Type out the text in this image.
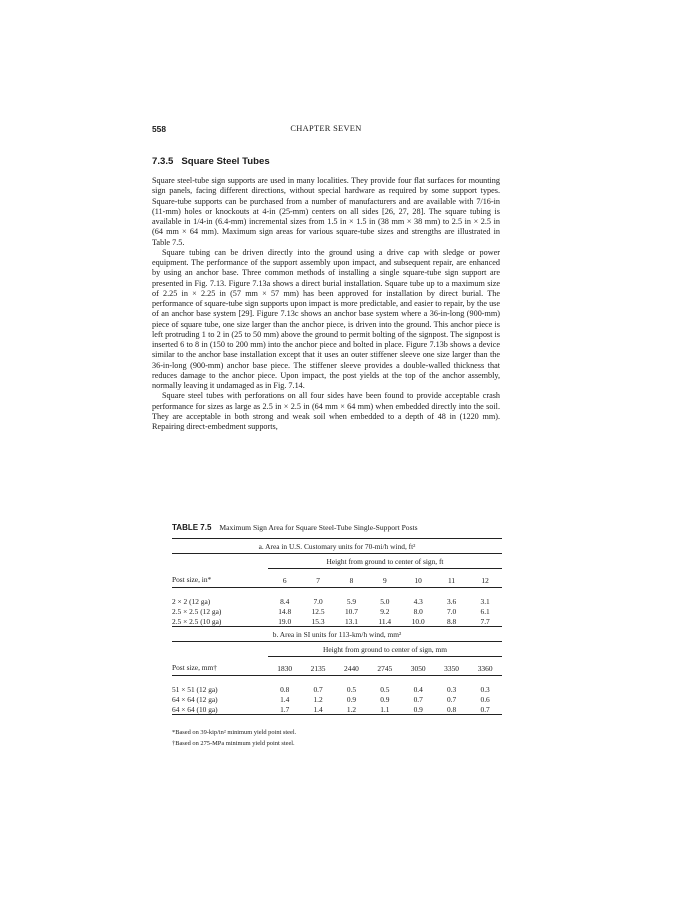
558	CHAPTER SEVEN
7.3.5 Square Steel Tubes

Square steel-tube sign supports are used in many localities. They provide four flat surfaces for mounting sign panels, facing different directions, without special hardware as required by some support types. Square-tube supports can be purchased from a number of manufacturers and are available with 7/16-in (11-mm) holes or knockouts at 4-in (25-mm) centers on all sides [26, 27, 28]. The square tubing is available in 1/4-in (6.4-mm) incremental sizes from 1.5 in × 1.5 in (38 mm × 38 mm) to 2.5 in × 2.5 in (64 mm × 64 mm). Maximum sign areas for various square-tube sizes and strengths are illustrated in Table 7.5.

Square tubing can be driven directly into the ground using a drive cap with sledge or power equipment. The performance of the support assembly upon impact, and subsequent repair, are enhanced by using an anchor base. Three common methods of installing a single square-tube sign support are presented in Fig. 7.13. Figure 7.13a shows a direct burial installation. Square tube up to a maximum size of 2.25 in × 2.25 in (57 mm × 57 mm) has been approved for installation by direct burial. The performance of square-tube sign supports upon impact is more predictable, and easier to repair, by the use of an anchor base system [29]. Figure 7.13c shows an anchor base system where a 36-in-long (900-mm) piece of square tube, one size larger than the anchor piece, is driven into the ground. This anchor piece is left protruding 1 to 2 in (25 to 50 mm) above the ground to permit bolting of the signpost. The signpost is inserted 6 to 8 in (150 to 200 mm) into the anchor piece and bolted in place. Figure 7.13b shows a device similar to the anchor base installation except that it uses an outer stiffener sleeve one size larger than the 36-in-long (900-mm) anchor base piece. The stiffener sleeve provides a double-walled thickness that reduces damage to the anchor piece. Upon impact, the post yields at the top of the anchor assembly, normally leaving it undamaged as in Fig. 7.14.

Square steel tubes with perforations on all four sides have been found to provide acceptable crash performance for sizes as large as 2.5 in × 2.5 in (64 mm × 64 mm) when embedded directly into the soil. They are acceptable in both strong and weak soil when embedded to a depth of 48 in (1220 mm). Repairing direct-embedment supports,

TABLE 7.5 Maximum Sign Area for Square Steel-Tube Single-Support Posts
a. Area in U.S. Customary units for 70-mi/h wind, ft²							
	Height from ground to center of sign, ft						
Post size, in*	6	7	8	9	10	11	12

2 × 2 (12 ga)	8.4	7.0	5.9	5.0	4.3	3.6	3.1
2.5 × 2.5 (12 ga)	14.8	12.5	10.7	9.2	8.0	7.0	6.1
2.5 × 2.5 (10 ga)	19.0	15.3	13.1	11.4	10.0	8.8	7.7
b. Area in SI units for 113-km/h wind, mm²							
	Height from ground to center of sign, mm						
Post size, mm†	1830	2135	2440	2745	3050	3350	3360

51 × 51 (12 ga)	0.8	0.7	0.5	0.5	0.4	0.3	0.3
64 × 64 (12 ga)	1.4	1.2	0.9	0.9	0.7	0.7	0.6
64 × 64 (10 ga)	1.7	1.4	1.2	1.1	0.9	0.8	0.7

*Based on 39-kip/in² minimum yield point steel.
†Based on 275-MPa minimum yield point steel.
